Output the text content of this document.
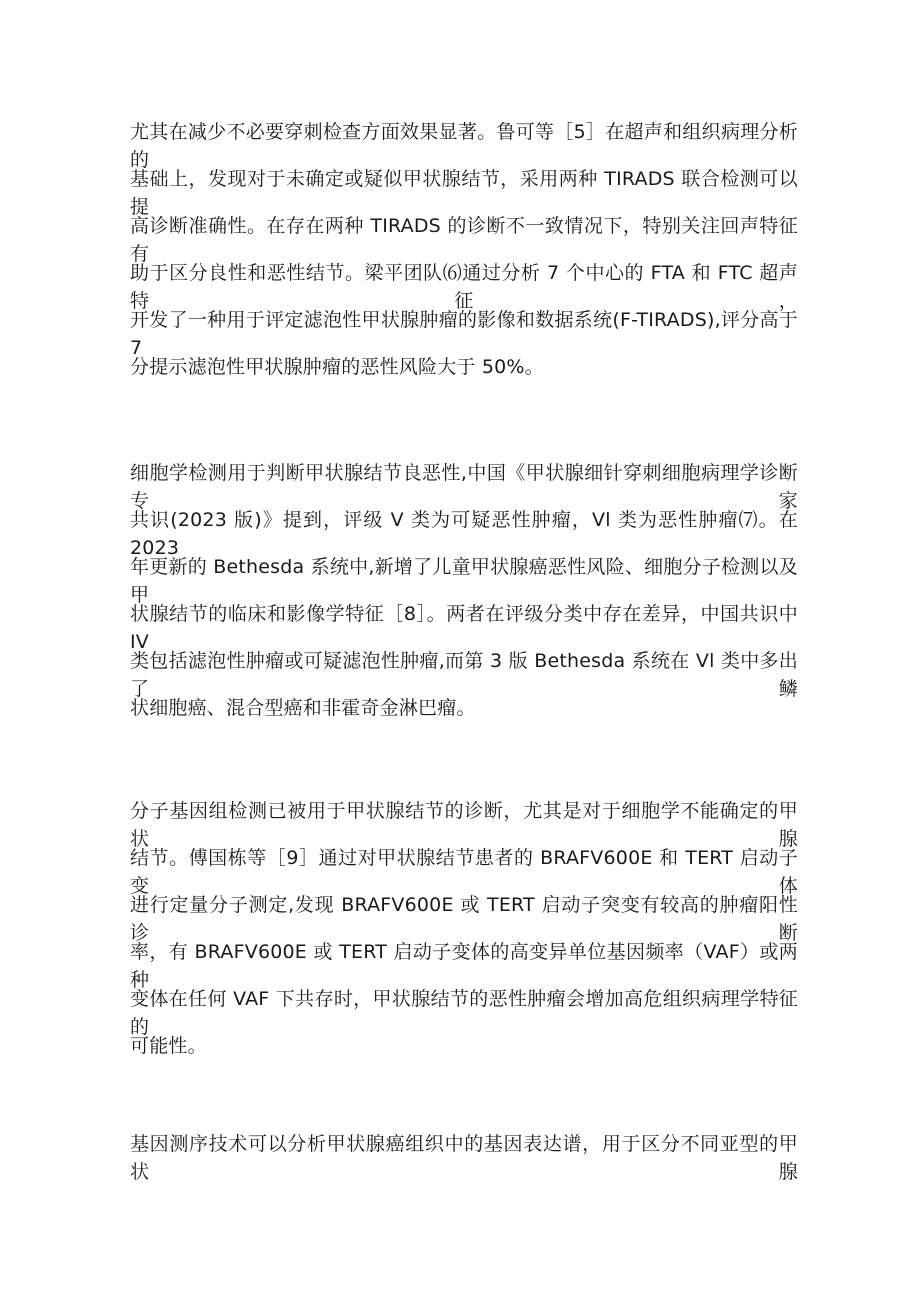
尤其在减少不必要穿刺检查方面效果显著。鲁可等［5］在超声和组织病理分析的
基础上，发现对于未确定或疑似甲状腺结节，采用两种 TIRADS 联合检测可以提
高诊断准确性。在存在两种 TIRADS 的诊断不一致情况下，特别关注回声特征有
助于区分良性和恶性结节。梁平团队⑹通过分析 7 个中心的 FTA 和 FTC 超声特征，
开发了一种用于评定滤泡性甲状腺肿瘤的影像和数据系统(F-TIRADS),评分高于 7
分提示滤泡性甲状腺肿瘤的恶性风险大于 50%。
细胞学检测用于判断甲状腺结节良恶性,中国《甲状腺细针穿刺细胞病理学诊断专家
共识(2023 版)》提到，评级 V 类为可疑恶性肿瘤，Vl 类为恶性肿瘤⑺。在 2023
年更新的 Bethesda 系统中,新增了儿童甲状腺癌恶性风险、细胞分子检测以及甲
状腺结节的临床和影像学特征［8］。两者在评级分类中存在差异，中国共识中 IV
类包括滤泡性肿瘤或可疑滤泡性肿瘤,而第 3 版 Bethesda 系统在 Vl 类中多出了鳞
状细胞癌、混合型癌和非霍奇金淋巴瘤。
分子基因组检测已被用于甲状腺结节的诊断，尤其是对于细胞学不能确定的甲状腺
结节。傅国栋等［9］通过对甲状腺结节患者的 BRAFV600E 和 TERT 启动子变体
进行定量分子测定,发现 BRAFV600E 或 TERT 启动子突变有较高的肿瘤阳性诊断
率，有 BRAFV600E 或 TERT 启动子变体的高变异单位基因频率（VAF）或两种
变体在任何 VAF 下共存时，甲状腺结节的恶性肿瘤会增加高危组织病理学特征的
可能性。
基因测序技术可以分析甲状腺癌组织中的基因表达谱，用于区分不同亚型的甲状腺
